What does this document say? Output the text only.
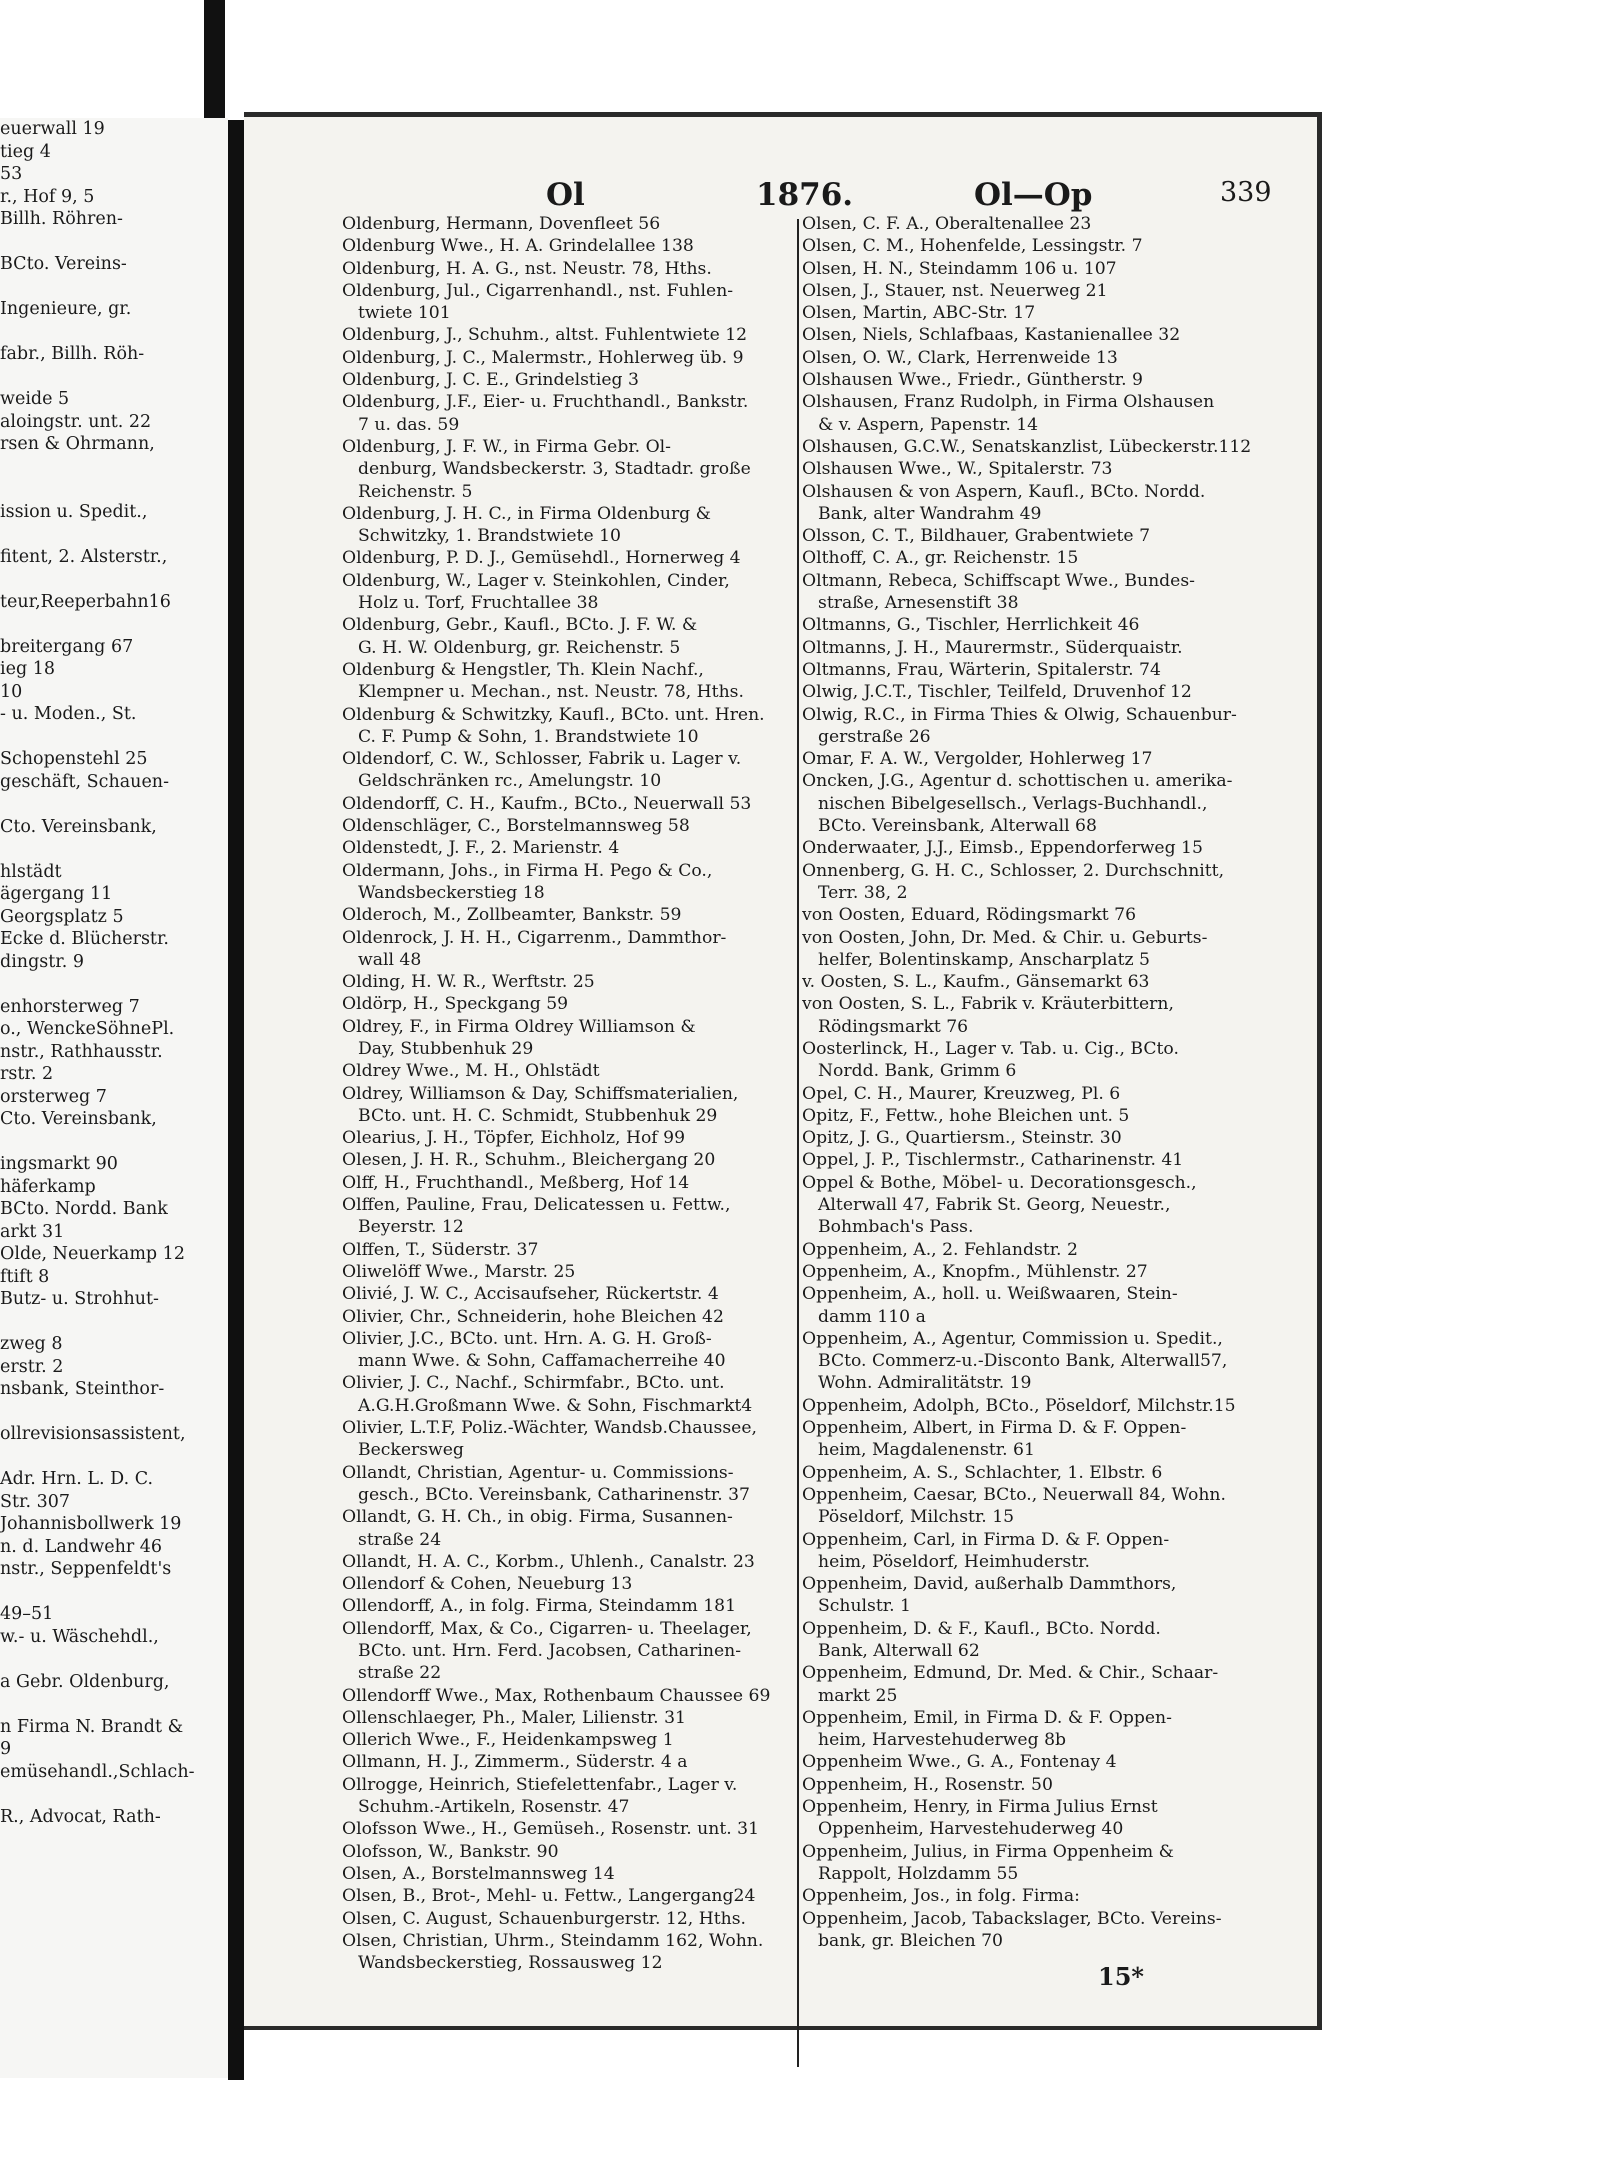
euerwall 19
tieg 4
53
r., Hof 9, 5
Billh. Röhren-

BCto. Vereins-

Ingenieure, gr.

fabr., Billh. Röh-

weide 5
aloingstr. unt. 22
rsen & Ohrmann,

ission u. Spedit.,

fitent, 2. Alsterstr.,

teur,Reeperbahn16

breitergang 67
ieg 18
10
- u. Moden., St.

Schopenstehl 25
geschäft, Schauen-

Cto. Vereinsbank,

hlstädt
ägergang 11
Georgsplatz 5
Ecke d. Blücherstr.
dingstr. 9

enhorsterweg 7
o., WenckeSöhnePl.
nstr., Rathhausstr.
rstr. 2
orsterweg 7
Cto. Vereinsbank,

ingsmarkt 90
häferkamp
BCto. Nordd. Bank
arkt 31
Olde, Neuerkamp 12
ftift 8
Butz- u. Strohhut-

zweg 8
erstr. 2
nsbank, Steinthor-

ollrevisionsassistent,

Adr. Hrn. L. D. C.
Str. 307
Johannisbollwerk 19
n. d. Landwehr 46
nstr., Seppenfeldt's

49–51
w.- u. Wäschehdl.,

a Gebr. Oldenburg,

n Firma N. Brandt &
9
emüsehandl.,Schlach-

R., Advocat, Rath-
Ol	1876.	Ol—Op	339
Oldenburg, Hermann, Dovenfleet 56
Oldenburg Wwe., H. A. Grindelallee 138
Oldenburg, H. A. G., nst. Neustr. 78, Hths.
Oldenburg, Jul., Cigarrenhandl., nst. Fuhlen-
twiete 101
Oldenburg, J., Schuhm., altst. Fuhlentwiete 12
Oldenburg, J. C., Malermstr., Hohlerweg üb. 9
Oldenburg, J. C. E., Grindelstieg 3
Oldenburg, J.F., Eier- u. Fruchthandl., Bankstr.
7 u. das. 59
Oldenburg, J. F. W., in Firma Gebr. Ol-
denburg, Wandsbeckerstr. 3, Stadtadr. große
Reichenstr. 5
Oldenburg, J. H. C., in Firma Oldenburg &
Schwitzky, 1. Brandstwiete 10
Oldenburg, P. D. J., Gemüsehdl., Hornerweg 4
Oldenburg, W., Lager v. Steinkohlen, Cinder,
Holz u. Torf, Fruchtallee 38
Oldenburg, Gebr., Kaufl., BCto. J. F. W. &
G. H. W. Oldenburg, gr. Reichenstr. 5
Oldenburg & Hengstler, Th. Klein Nachf.,
Klempner u. Mechan., nst. Neustr. 78, Hths.
Oldenburg & Schwitzky, Kaufl., BCto. unt. Hren.
C. F. Pump & Sohn, 1. Brandstwiete 10
Oldendorf, C. W., Schlosser, Fabrik u. Lager v.
Geldschränken rc., Amelungstr. 10
Oldendorff, C. H., Kaufm., BCto., Neuerwall 53
Oldenschläger, C., Borstelmannsweg 58
Oldenstedt, J. F., 2. Marienstr. 4
Oldermann, Johs., in Firma H. Pego & Co.,
Wandsbeckerstieg 18
Olderoch, M., Zollbeamter, Bankstr. 59
Oldenrock, J. H. H., Cigarrenm., Dammthor-
wall 48
Olding, H. W. R., Werftstr. 25
Oldörp, H., Speckgang 59
Oldrey, F., in Firma Oldrey Williamson &
Day, Stubbenhuk 29
Oldrey Wwe., M. H., Ohlstädt
Oldrey, Williamson & Day, Schiffsmaterialien,
BCto. unt. H. C. Schmidt, Stubbenhuk 29
Olearius, J. H., Töpfer, Eichholz, Hof 99
Olesen, J. H. R., Schuhm., Bleichergang 20
Olff, H., Fruchthandl., Meßberg, Hof 14
Olffen, Pauline, Frau, Delicatessen u. Fettw.,
Beyerstr. 12
Olffen, T., Süderstr. 37
Oliwelöff Wwe., Marstr. 25
Olivié, J. W. C., Accisaufseher, Rückertstr. 4
Olivier, Chr., Schneiderin, hohe Bleichen 42
Olivier, J.C., BCto. unt. Hrn. A. G. H. Groß-
mann Wwe. & Sohn, Caffamacherreihe 40
Olivier, J. C., Nachf., Schirmfabr., BCto. unt.
A.G.H.Großmann Wwe. & Sohn, Fischmarkt4
Olivier, L.T.F, Poliz.-Wächter, Wandsb.Chaussee,
Beckersweg
Ollandt, Christian, Agentur- u. Commissions-
gesch., BCto. Vereinsbank, Catharinenstr. 37
Ollandt, G. H. Ch., in obig. Firma, Susannen-
straße 24
Ollandt, H. A. C., Korbm., Uhlenh., Canalstr. 23
Ollendorf & Cohen, Neueburg 13
Ollendorff, A., in folg. Firma, Steindamm 181
Ollendorff, Max, & Co., Cigarren- u. Theelager,
BCto. unt. Hrn. Ferd. Jacobsen, Catharinen-
straße 22
Ollendorff Wwe., Max, Rothenbaum Chaussee 69
Ollenschlaeger, Ph., Maler, Lilienstr. 31
Ollerich Wwe., F., Heidenkampsweg 1
Ollmann, H. J., Zimmerm., Süderstr. 4 a
Ollrogge, Heinrich, Stiefelettenfabr., Lager v.
Schuhm.-Artikeln, Rosenstr. 47
Olofsson Wwe., H., Gemüseh., Rosenstr. unt. 31
Olofsson, W., Bankstr. 90
Olsen, A., Borstelmannsweg 14
Olsen, B., Brot-, Mehl- u. Fettw., Langergang24
Olsen, C. August, Schauenburgerstr. 12, Hths.
Olsen, Christian, Uhrm., Steindamm 162, Wohn.
Wandsbeckerstieg, Rossausweg 12
Olsen, C. F. A., Oberaltenallee 23
Olsen, C. M., Hohenfelde, Lessingstr. 7
Olsen, H. N., Steindamm 106 u. 107
Olsen, J., Stauer, nst. Neuerweg 21
Olsen, Martin, ABC-Str. 17
Olsen, Niels, Schlafbaas, Kastanienallee 32
Olsen, O. W., Clark, Herrenweide 13
Olshausen Wwe., Friedr., Güntherstr. 9
Olshausen, Franz Rudolph, in Firma Olshausen
& v. Aspern, Papenstr. 14
Olshausen, G.C.W., Senatskanzlist, Lübeckerstr.112
Olshausen Wwe., W., Spitalerstr. 73
Olshausen & von Aspern, Kaufl., BCto. Nordd.
Bank, alter Wandrahm 49
Olsson, C. T., Bildhauer, Grabentwiete 7
Olthoff, C. A., gr. Reichenstr. 15
Oltmann, Rebeca, Schiffscapt Wwe., Bundes-
straße, Arnesenstift 38
Oltmanns, G., Tischler, Herrlichkeit 46
Oltmanns, J. H., Maurermstr., Süderquaistr.
Oltmanns, Frau, Wärterin, Spitalerstr. 74
Olwig, J.C.T., Tischler, Teilfeld, Druvenhof 12
Olwig, R.C., in Firma Thies & Olwig, Schauenbur-
gerstraße 26
Omar, F. A. W., Vergolder, Hohlerweg 17
Oncken, J.G., Agentur d. schottischen u. amerika-
nischen Bibelgesellsch., Verlags-Buchhandl.,
BCto. Vereinsbank, Alterwall 68
Onderwaater, J.J., Eimsb., Eppendorferweg 15
Onnenberg, G. H. C., Schlosser, 2. Durchschnitt,
Terr. 38, 2
von Oosten, Eduard, Rödingsmarkt 76
von Oosten, John, Dr. Med. & Chir. u. Geburts-
helfer, Bolentinskamp, Anscharplatz 5
v. Oosten, S. L., Kaufm., Gänsemarkt 63
von Oosten, S. L., Fabrik v. Kräuterbittern,
Rödingsmarkt 76
Oosterlinck, H., Lager v. Tab. u. Cig., BCto.
Nordd. Bank, Grimm 6
Opel, C. H., Maurer, Kreuzweg, Pl. 6
Opitz, F., Fettw., hohe Bleichen unt. 5
Opitz, J. G., Quartiersm., Steinstr. 30
Oppel, J. P., Tischlermstr., Catharinenstr. 41
Oppel & Bothe, Möbel- u. Decorationsgesch.,
Alterwall 47, Fabrik St. Georg, Neuestr.,
Bohmbach's Pass.
Oppenheim, A., 2. Fehlandstr. 2
Oppenheim, A., Knopfm., Mühlenstr. 27
Oppenheim, A., holl. u. Weißwaaren, Stein-
damm 110 a
Oppenheim, A., Agentur, Commission u. Spedit.,
BCto. Commerz-u.-Disconto Bank, Alterwall57,
Wohn. Admiralitätstr. 19
Oppenheim, Adolph, BCto., Pöseldorf, Milchstr.15
Oppenheim, Albert, in Firma D. & F. Oppen-
heim, Magdalenenstr. 61
Oppenheim, A. S., Schlachter, 1. Elbstr. 6
Oppenheim, Caesar, BCto., Neuerwall 84, Wohn.
Pöseldorf, Milchstr. 15
Oppenheim, Carl, in Firma D. & F. Oppen-
heim, Pöseldorf, Heimhuderstr.
Oppenheim, David, außerhalb Dammthors,
Schulstr. 1
Oppenheim, D. & F., Kaufl., BCto. Nordd.
Bank, Alterwall 62
Oppenheim, Edmund, Dr. Med. & Chir., Schaar-
markt 25
Oppenheim, Emil, in Firma D. & F. Oppen-
heim, Harvestehuderweg 8b
Oppenheim Wwe., G. A., Fontenay 4
Oppenheim, H., Rosenstr. 50
Oppenheim, Henry, in Firma Julius Ernst
Oppenheim, Harvestehuderweg 40
Oppenheim, Julius, in Firma Oppenheim &
Rappolt, Holzdamm 55
Oppenheim, Jos., in folg. Firma:
Oppenheim, Jacob, Tabackslager, BCto. Vereins-
bank, gr. Bleichen 70
15*
